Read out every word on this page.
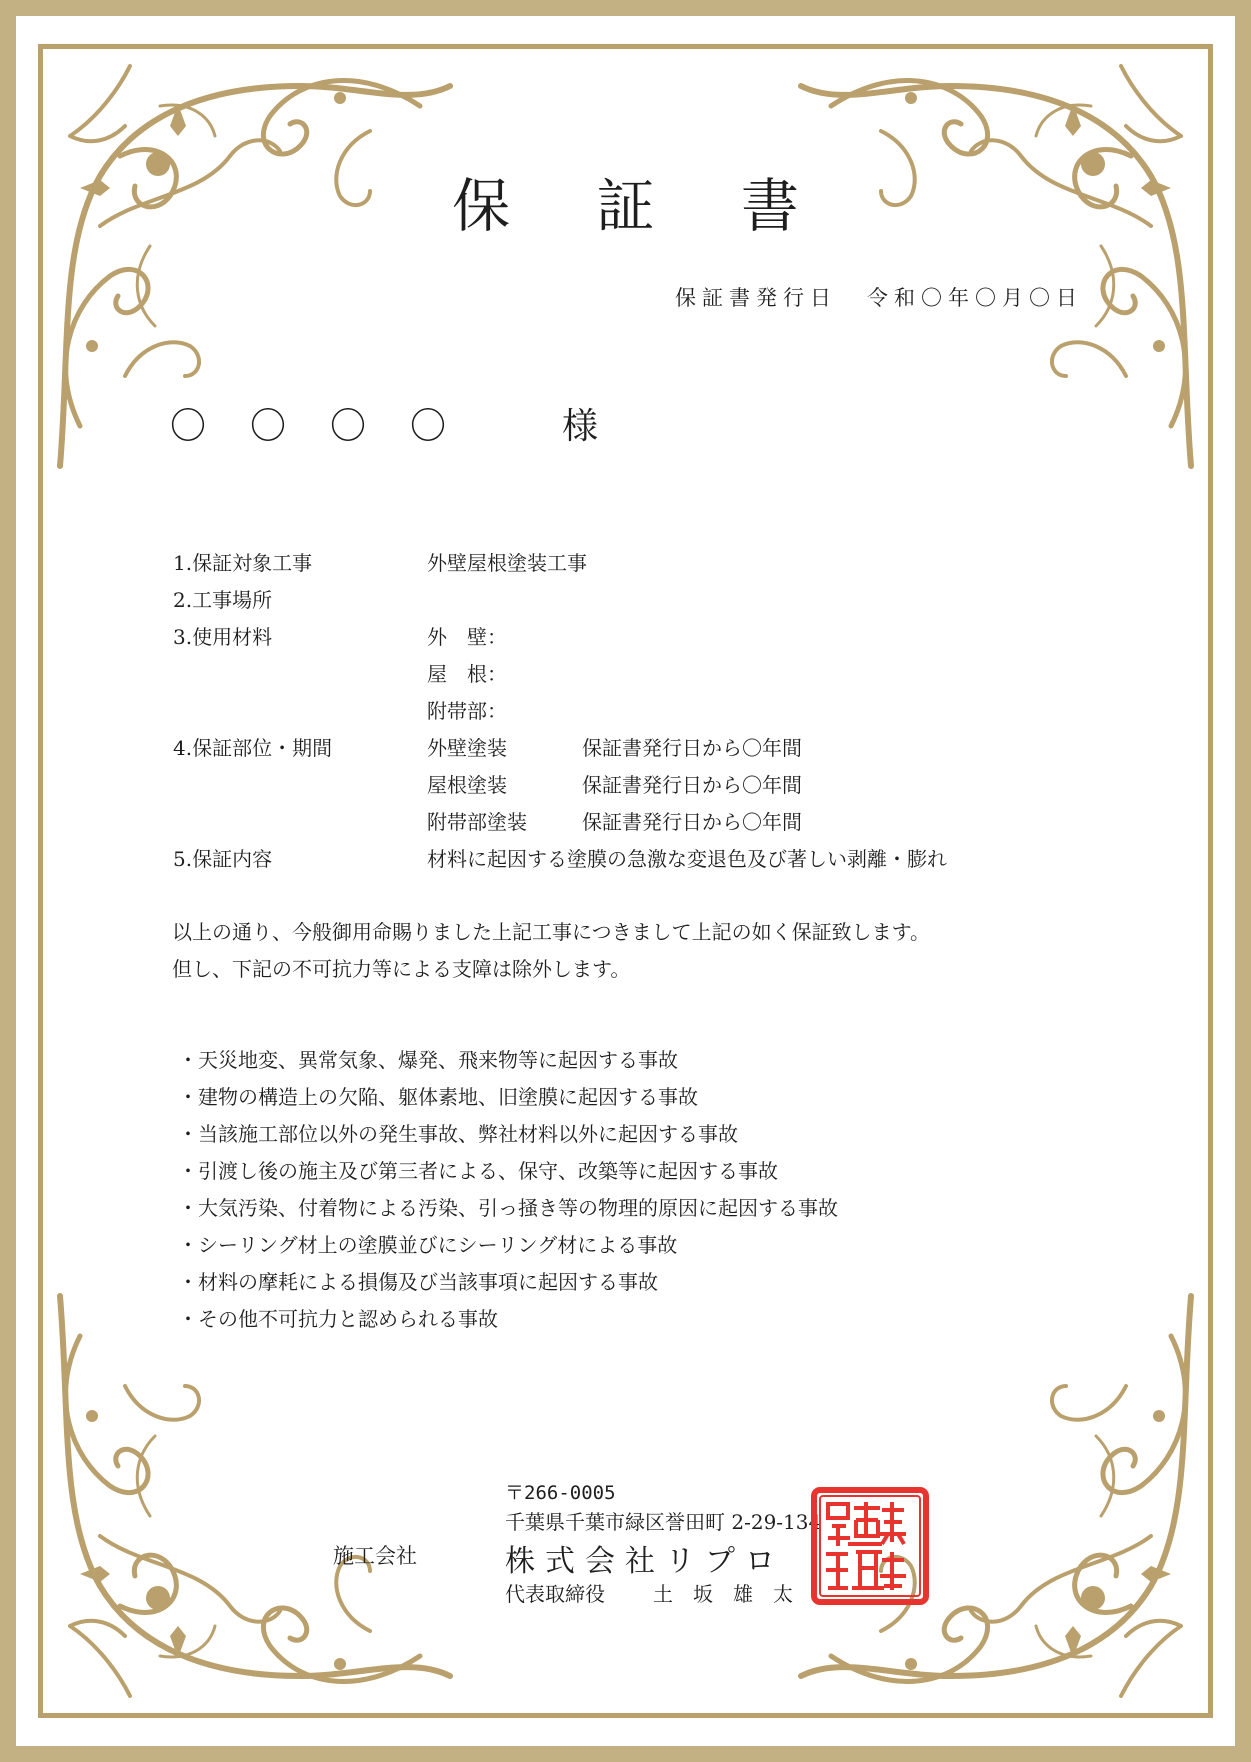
保 証 書
保証書発行日 令和〇年〇月〇日
〇〇〇〇 様
1.保証対象工事	外壁屋根塗装工事
2.工事場所
3.使用材料	外　壁：
屋　根：
附帯部：
4.保証部位・期間	外壁塗装	保証書発行日から〇年間
屋根塗装	保証書発行日から〇年間
附帯部塗装	保証書発行日から〇年間
5.保証内容	材料に起因する塗膜の急激な変退色及び著しい剥離・膨れ
以上の通り、今般御用命賜りました上記工事につきまして上記の如く保証致します。
但し、下記の不可抗力等による支障は除外します。
・天災地変、異常気象、爆発、飛来物等に起因する事故
・建物の構造上の欠陥、躯体素地、旧塗膜に起因する事故
・当該施工部位以外の発生事故、弊社材料以外に起因する事故
・引渡し後の施主及び第三者による、保守、改築等に起因する事故
・大気汚染、付着物による汚染、引っ掻き等の物理的原因に起因する事故
・シーリング材上の塗膜並びにシーリング材による事故
・材料の摩耗による損傷及び当該事項に起因する事故
・その他不可抗力と認められる事故
施工会社
〒266-0005
千葉県千葉市緑区誉田町 2-29-134
株式会社リプロ
代表取締役	土坂雄太
